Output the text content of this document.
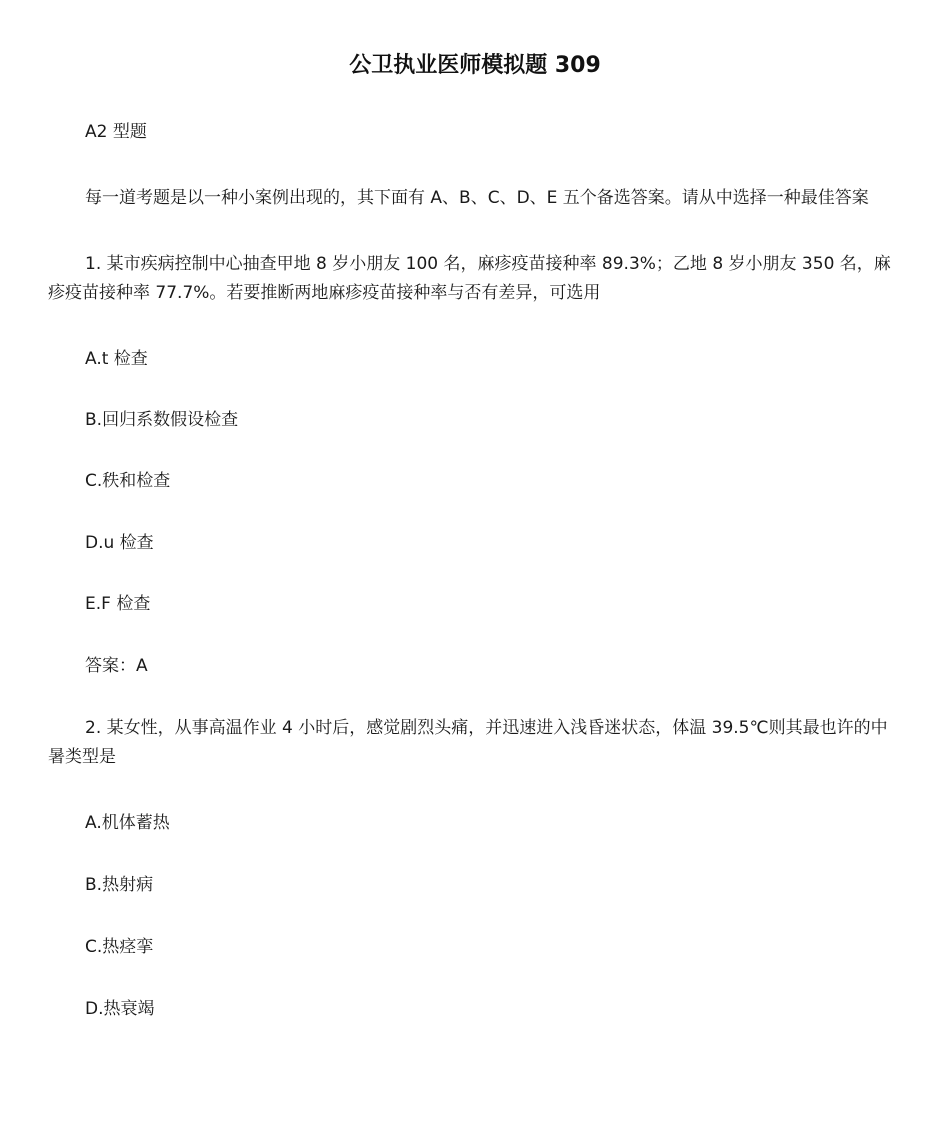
公卫执业医师模拟题 309

A2 型题

每一道考题是以一种小案例出现的，其下面有 A、B、C、D、E 五个备选答案。请从中选择一种最佳答案

1. 某市疾病控制中心抽查甲地 8 岁小朋友 100 名，麻疹疫苗接种率 89.3%；乙地 8 岁小朋友 350 名，麻疹疫苗接种率 77.7%。若要推断两地麻疹疫苗接种率与否有差异，可选用

A.t 检查

B.回归系数假设检查

C.秩和检查

D.u 检查

E.F 检查

答案：A

2. 某女性，从事高温作业 4 小时后，感觉剧烈头痛，并迅速进入浅昏迷状态，体温 39.5℃则其最也许的中暑类型是

A.机体蓄热

B.热射病

C.热痉挛

D.热衰竭
